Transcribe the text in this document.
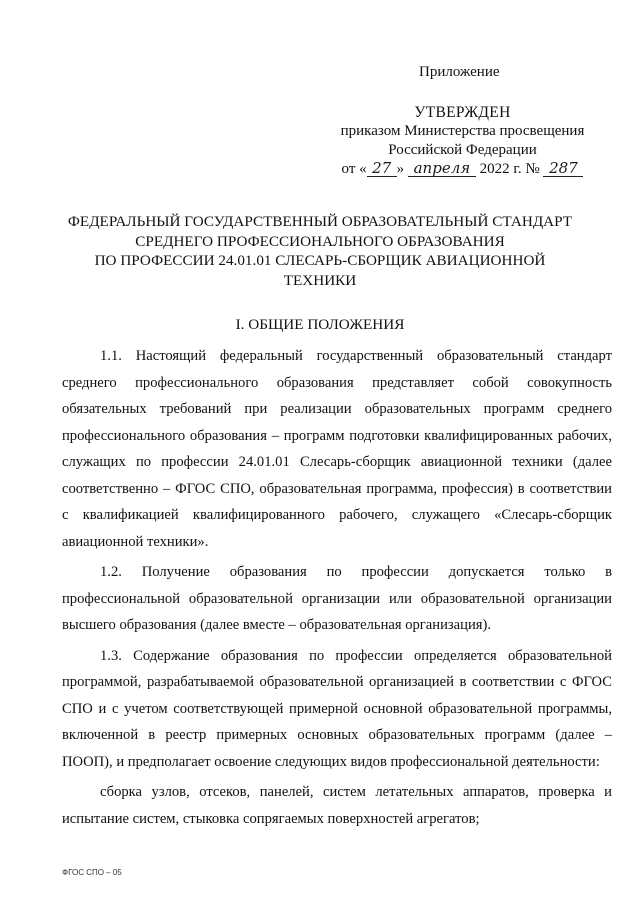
Приложение
УТВЕРЖДЕН
приказом Министерства просвещения
Российской Федерации
от « 27 » апреля 2022 г. № 287
ФЕДЕРАЛЬНЫЙ ГОСУДАРСТВЕННЫЙ ОБРАЗОВАТЕЛЬНЫЙ СТАНДАРТ
СРЕДНЕГО ПРОФЕССИОНАЛЬНОГО ОБРАЗОВАНИЯ
ПО ПРОФЕССИИ 24.01.01 СЛЕСАРЬ-СБОРЩИК АВИАЦИОННОЙ
ТЕХНИКИ
I. ОБЩИЕ ПОЛОЖЕНИЯ

1.1. Настоящий федеральный государственный образовательный стандарт среднего профессионального образования представляет собой совокупность обязательных требований при реализации образовательных программ среднего профессионального образования – программ подготовки квалифицированных рабочих, служащих по профессии 24.01.01 Слесарь-сборщик авиационной техники (далее соответственно – ФГОС СПО, образовательная программа, профессия) в соответствии с квалификацией квалифицированного рабочего, служащего «Слесарь-сборщик авиационной техники».

1.2. Получение образования по профессии допускается только в профессиональной образовательной организации или образовательной организации высшего образования (далее вместе – образовательная организация).

1.3. Содержание образования по профессии определяется образовательной программой, разрабатываемой образовательной организацией в соответствии с ФГОС СПО и с учетом соответствующей примерной основной образовательной программы, включенной в реестр примерных основных образовательных программ (далее – ПООП), и предполагает освоение следующих видов профессиональной деятельности:

сборка узлов, отсеков, панелей, систем летательных аппаратов, проверка и испытание систем, стыковка сопрягаемых поверхностей агрегатов;

ФГОС СПО – 05
